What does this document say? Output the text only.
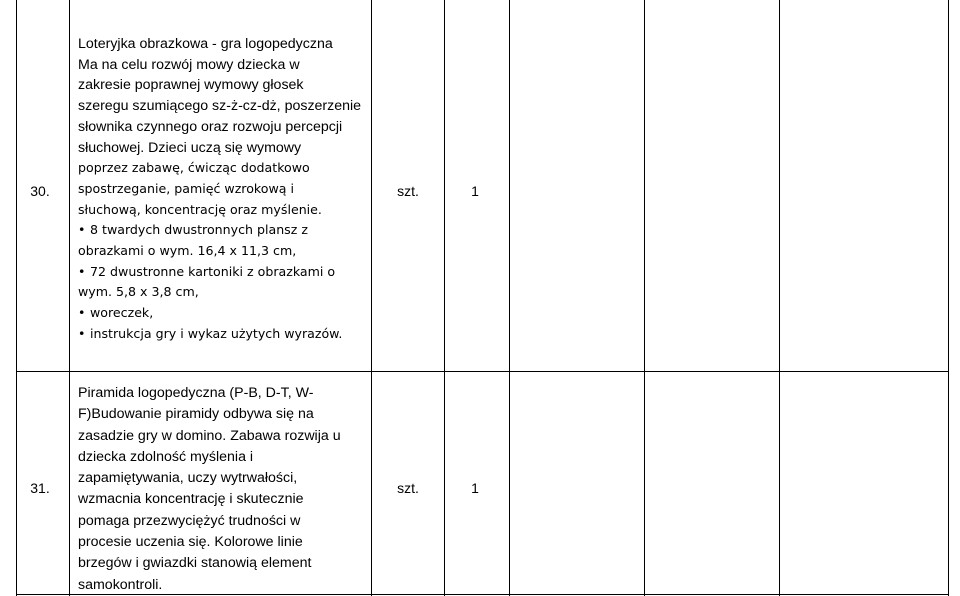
30.

Loteryjka obrazkowa - gra logopedyczna

Ma na celu rozwój mowy dziecka w

zakresie poprawnej wymowy głosek

szeregu szumiącego sz-ż-cz-dż, poszerzenie

słownika czynnego oraz rozwoju percepcji

słuchowej. Dzieci uczą się wymowy

poprzez zabawę, ćwicząc dodatkowo

spostrzeganie, pamięć wzrokową i

słuchową, koncentrację oraz myślenie.

• 8 twardych dwustronnych plansz z

obrazkami o wym. 16,4 x 11,3 cm,

• 72 dwustronne kartoniki z obrazkami o

wym. 5,8 x 3,8 cm,

• woreczek,

• instrukcja gry i wykaz użytych wyrazów.

szt.	1
31.

Piramida logopedyczna (P-B, D-T, W-

F)Budowanie piramidy odbywa się na

zasadzie gry w domino. Zabawa rozwija u

dziecka zdolność myślenia i

zapamiętywania, uczy wytrwałości,

wzmacnia koncentrację i skutecznie

pomaga przezwyciężyć trudności w

procesie uczenia się. Kolorowe linie

brzegów i gwiazdki stanowią element

samokontroli.

szt.	1
